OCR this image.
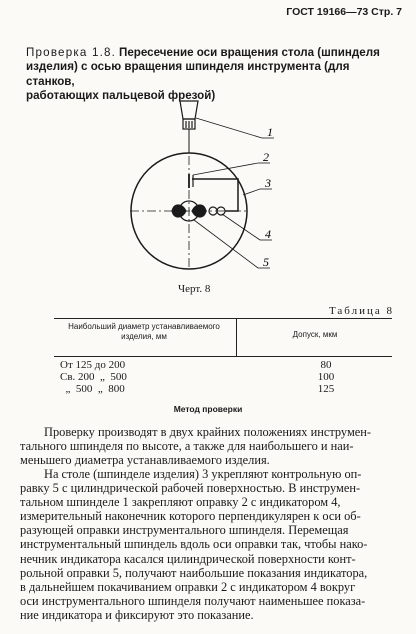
ГОСТ 19166—73 Стр. 7
Проверка 1.8. Пересечение оси вращения стола (шпинделя
изделия) с осью вращения шпинделя инструмента (для станков,
работающих пальцевой фрезой)
1
2
3
4
5
Черт. 8
Таблица 8
Наибольший диаметр устанавливаемого
изделия, мм	Допуск, мкм
От 125 до 200	80
Св. 200  „  500	100
„  500  „  800	125
Метод проверки
Проверку производят в двух крайних положениях инструмен-
тального шпинделя по высоте, а также для наибольшего и наи-
меньшего диаметра устанавливаемого изделия.
На столе (шпинделе изделия) 3 укрепляют контрольную оп-
равку 5 с цилиндрической рабочей поверхностью. В инструмен-
тальном шпинделе 1 закрепляют оправку 2 с индикатором 4,
измерительный наконечник которого перпендикулярен к оси об-
разующей оправки инструментального шпинделя. Перемещая
инструментальный шпиндель вдоль оси оправки так, чтобы нако-
нечник индикатора касался цилиндрической поверхности конт-
рольной оправки 5, получают наибольшие показания индикатора,
в дальнейшем покачиванием оправки 2 с индикатором 4 вокруг
оси инструментального шпинделя получают наименьшее показа-
ние индикатора и фиксируют это показание.
